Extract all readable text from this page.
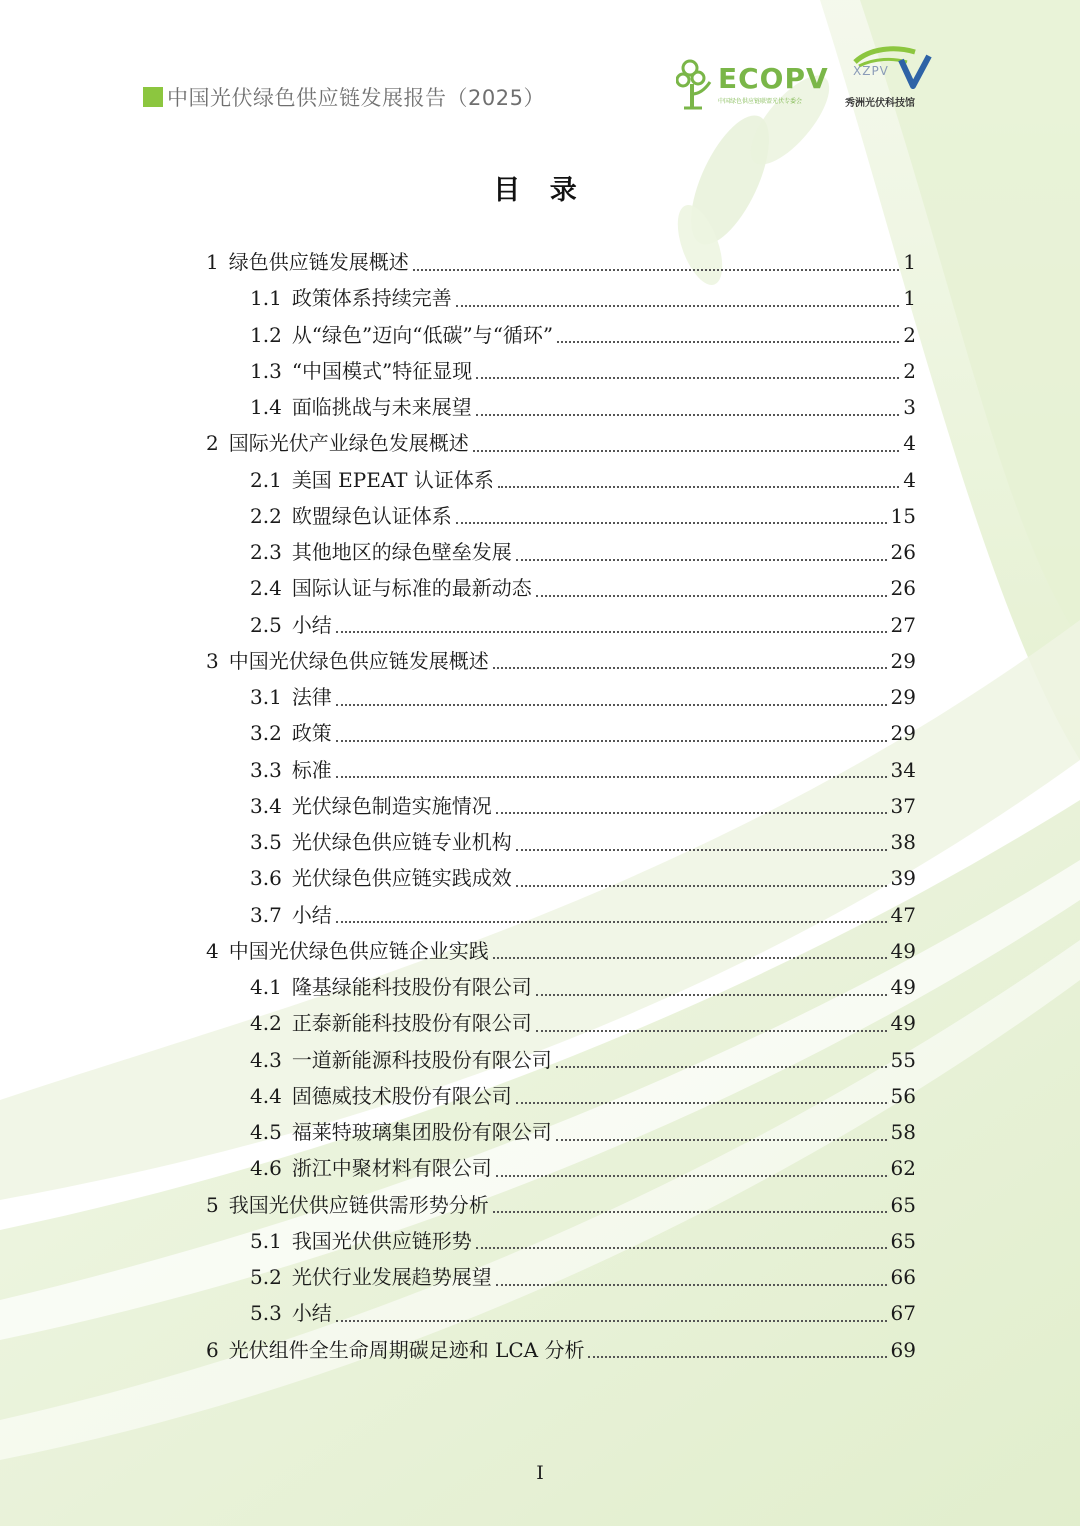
中国光伏绿色供应链发展报告（2025）
ECOPV
中国绿色供应链联盟光伏专委会
XZPV
秀洲光伏科技馆
目 录
1 绿色供应链发展概述	1
1.1 政策体系持续完善	1
1.2 从“绿色”迈向“低碳”与“循环”	2
1.3 “中国模式”特征显现	2
1.4 面临挑战与未来展望	3
2 国际光伏产业绿色发展概述	4
2.1 美国 EPEAT 认证体系	4
2.2 欧盟绿色认证体系	15
2.3 其他地区的绿色壁垒发展	26
2.4 国际认证与标准的最新动态	26
2.5 小结	27
3 中国光伏绿色供应链发展概述	29
3.1 法律	29
3.2 政策	29
3.3 标准	34
3.4 光伏绿色制造实施情况	37
3.5 光伏绿色供应链专业机构	38
3.6 光伏绿色供应链实践成效	39
3.7 小结	47
4 中国光伏绿色供应链企业实践	49
4.1 隆基绿能科技股份有限公司	49
4.2 正泰新能科技股份有限公司	49
4.3 一道新能源科技股份有限公司	55
4.4 固德威技术股份有限公司	56
4.5 福莱特玻璃集团股份有限公司	58
4.6 浙江中聚材料有限公司	62
5 我国光伏供应链供需形势分析	65
5.1 我国光伏供应链形势	65
5.2 光伏行业发展趋势展望	66
5.3 小结	67
6 光伏组件全生命周期碳足迹和 LCA 分析	69
I
